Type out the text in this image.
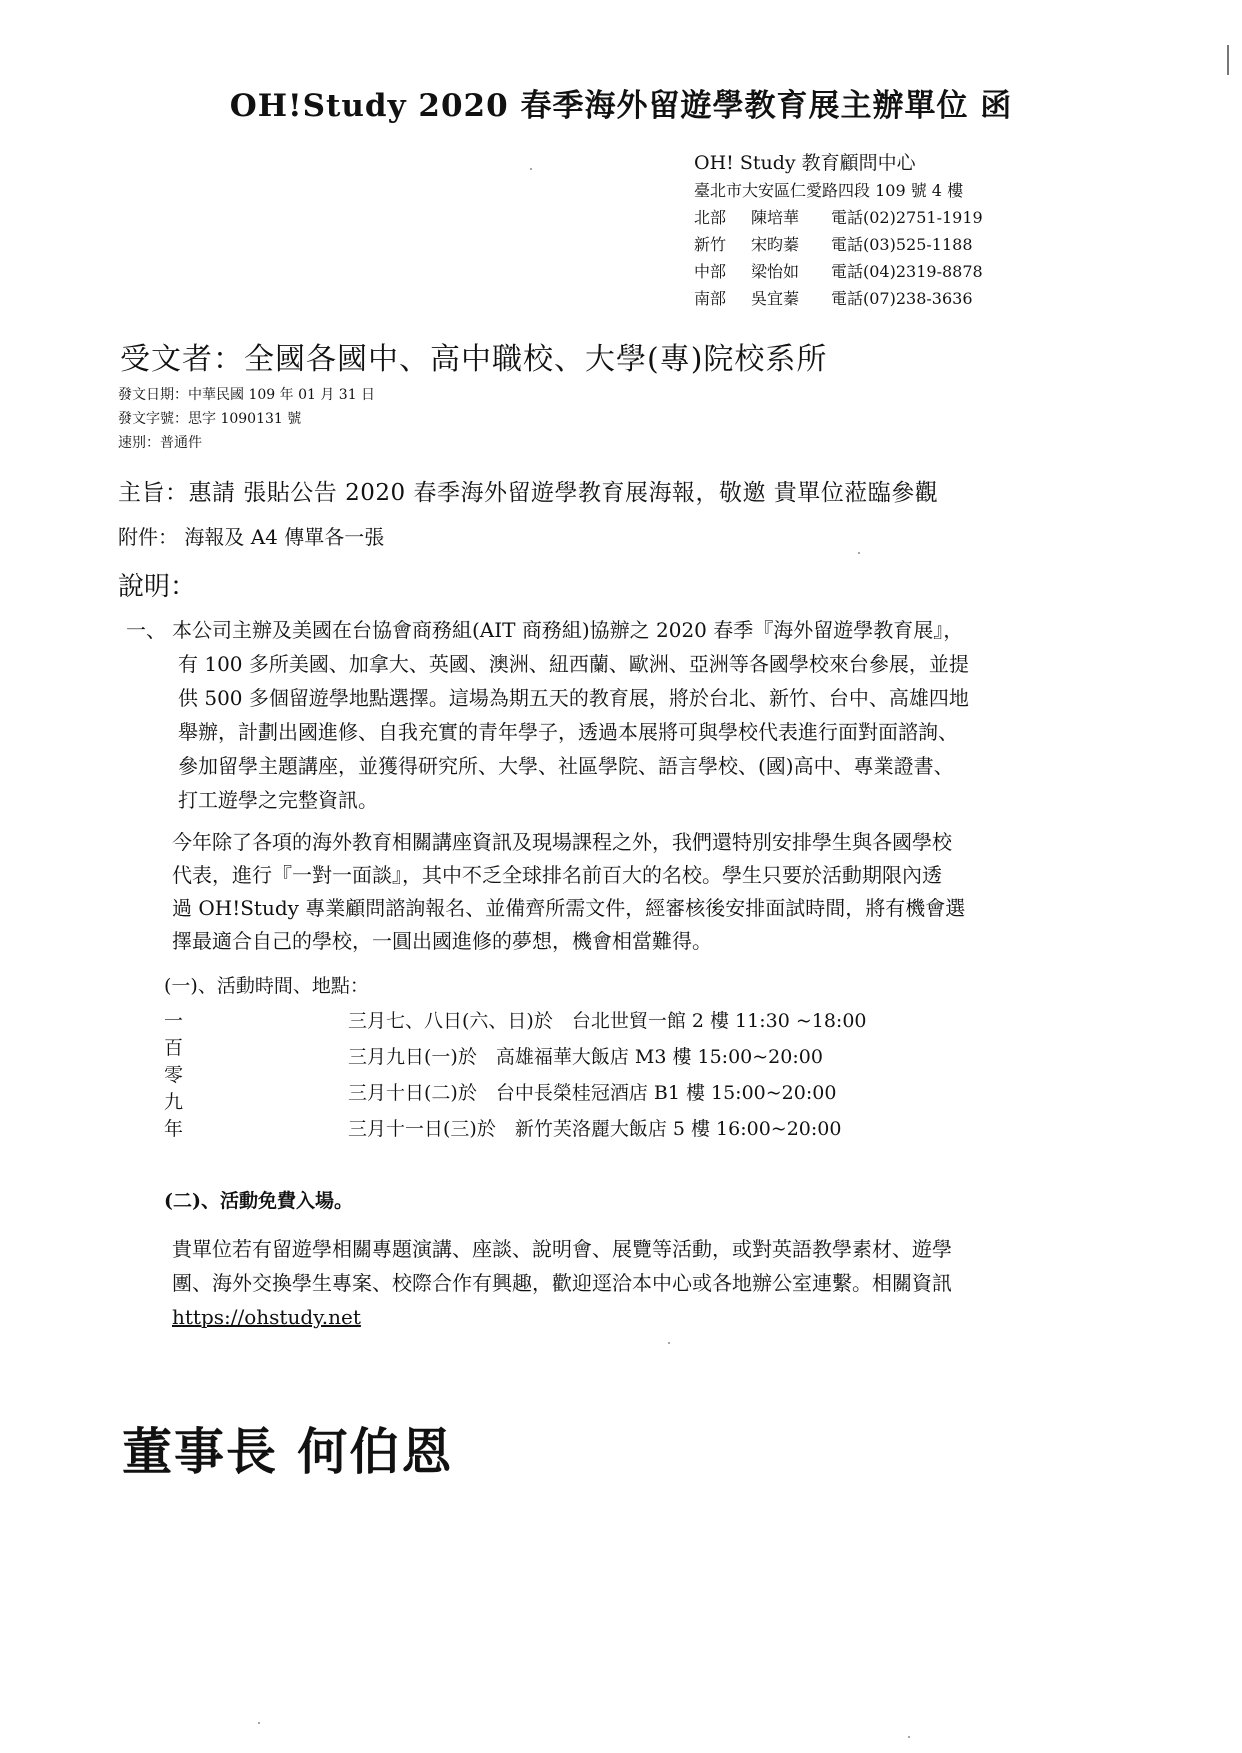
OH!Study 2020 春季海外留遊學教育展主辦單位 函
OH! Study 教育顧問中心
臺北市大安區仁愛路四段 109 號 4 樓
北部 陳培華 電話(02)2751-1919
新竹 宋昀蓁 電話(03)525-1188
中部 梁怡如 電話(04)2319-8878
南部 吳宜蓁 電話(07)238-3636
受文者：全國各國中、高中職校、大學(專)院校系所
發文日期：中華民國 109 年 01 月 31 日
發文字號：思字 1090131 號
速別：普通件
主旨：惠請 張貼公告 2020 春季海外留遊學教育展海報，敬邀 貴單位蒞臨參觀
附件： 海報及 A4 傳單各一張
說明：
一、 本公司主辦及美國在台協會商務組(AIT 商務組)協辦之 2020 春季『海外留遊學教育展』，
有 100 多所美國、加拿大、英國、澳洲、紐西蘭、歐洲、亞洲等各國學校來台參展，並提
供 500 多個留遊學地點選擇。這場為期五天的教育展，將於台北、新竹、台中、高雄四地
舉辦，計劃出國進修、自我充實的青年學子，透過本展將可與學校代表進行面對面諮詢、
參加留學主題講座，並獲得研究所、大學、社區學院、語言學校、(國)高中、專業證書、
打工遊學之完整資訊。
今年除了各項的海外教育相關講座資訊及現場課程之外，我們還特別安排學生與各國學校
代表，進行『一對一面談』，其中不乏全球排名前百大的名校。學生只要於活動期限內透
過 OH!Study 專業顧問諮詢報名、並備齊所需文件，經審核後安排面試時間，將有機會選
擇最適合自己的學校，一圓出國進修的夢想，機會相當難得。
(一)、活動時間、地點：
一百零九年
三月七、八日(六、日)於　台北世貿一館 2 樓 11:30 ~18:00
三月九日(一)於　高雄福華大飯店 M3 樓 15:00~20:00
三月十日(二)於　台中長榮桂冠酒店 B1 樓 15:00~20:00
三月十一日(三)於　新竹芙洛麗大飯店 5 樓 16:00~20:00
(二)、活動免費入場。
貴單位若有留遊學相關專題演講、座談、說明會、展覽等活動，或對英語教學素材、遊學
團、海外交換學生專案、校際合作有興趣，歡迎逕洽本中心或各地辦公室連繫。相關資訊
https://ohstudy.net
董事長 何伯恩
